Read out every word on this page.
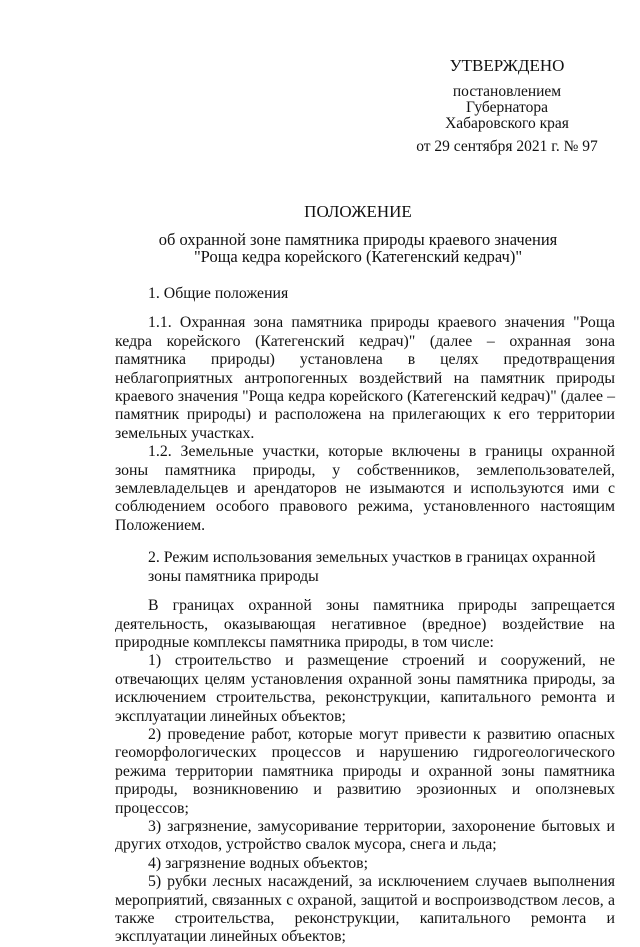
УТВЕРЖДЕНО
постановлением
Губернатора
Хабаровского края
от 29 сентября 2021 г. № 97
ПОЛОЖЕНИЕ
об охранной зоне памятника природы краевого значения
"Роща кедра корейского (Категенский кедрач)"
1. Общие положения

1.1. Охранная зона памятника природы краевого значения "Роща кедра корейского (Категенский кедрач)" (далее – охранная зона памятника природы) установлена в целях предотвращения неблагоприятных антропогенных воздействий на памятник природы краевого значения "Роща кедра корейского (Категенский кедрач)" (далее – памятник природы) и расположена на прилегающих к его территории земельных участках.

1.2. Земельные участки, которые включены в границы охранной зоны памятника природы, у собственников, землепользователей, землевладельцев и арендаторов не изымаются и используются ими с соблюдением особого правового режима, установленного настоящим Положением.

2. Режим использования земельных участков в границах охранной зоны памятника природы

В границах охранной зоны памятника природы запрещается деятельность, оказывающая негативное (вредное) воздействие на природные комплексы памятника природы, в том числе:

1) строительство и размещение строений и сооружений, не отвечающих целям установления охранной зоны памятника природы, за исключением строительства, реконструкции, капитального ремонта и эксплуатации линейных объектов;

2) проведение работ, которые могут привести к развитию опасных геоморфологических процессов и нарушению гидрогеологического режима территории памятника природы и охранной зоны памятника природы, возникновению и развитию эрозионных и оползневых процессов;

3) загрязнение, замусоривание территории, захоронение бытовых и других отходов, устройство свалок мусора, снега и льда;

4) загрязнение водных объектов;

5) рубки лесных насаждений, за исключением случаев выполнения мероприятий, связанных с охраной, защитой и воспроизводством лесов, а также строительства, реконструкции, капитального ремонта и эксплуатации линейных объектов;
